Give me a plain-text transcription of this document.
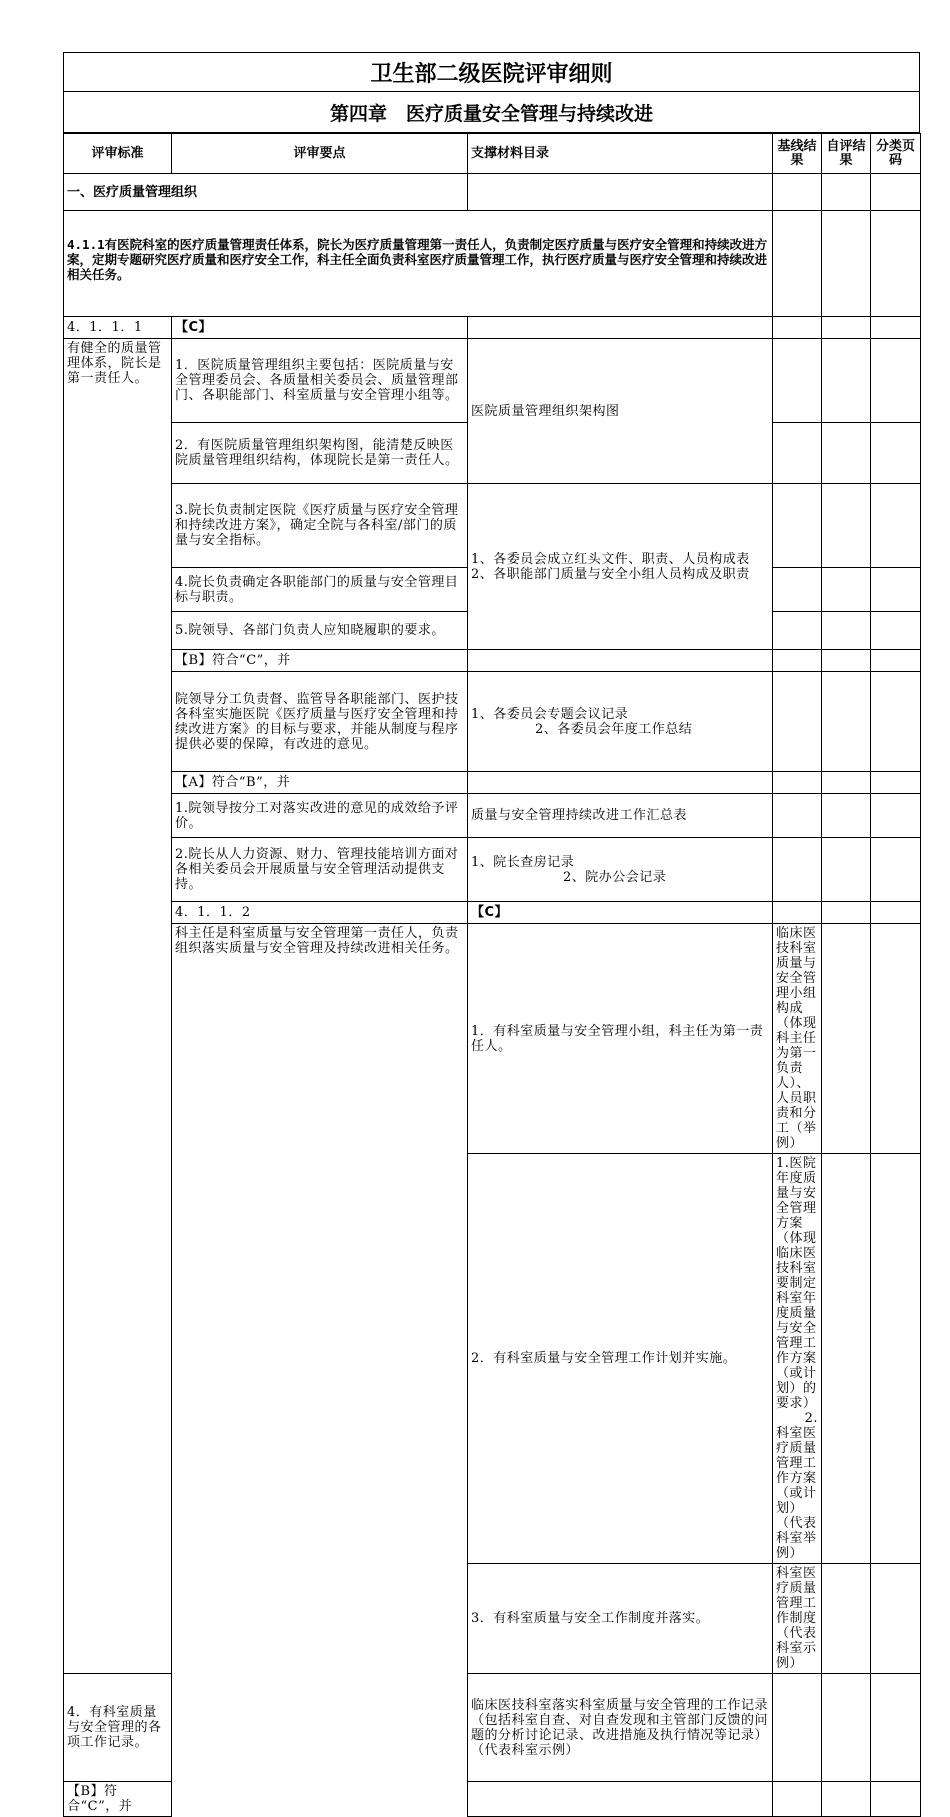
卫生部二级医院评审细则
第四章　医疗质量安全管理与持续改进
评审标准	评审要点	支撑材料目录	基线结果	自评结果	分类页码	
一、医疗质量管理组织						
4.1.1有医院科室的医疗质量管理责任体系，院长为医疗质量管理第一责任人，负责制定医疗质量与医疗安全管理和持续改进方案，定期专题研究医疗质量和医疗安全工作，科主任全面负责科室医疗质量管理工作，执行医疗质量与医疗安全管理和持续改进相关任务。						
4．1．1．1	【C】					
有健全的质量管理体系，院长是第一责任人。	1．医院质量管理组织主要包括：医院质量与安全管理委员会、各质量相关委员会、质量管理部门、各职能部门、科室质量与安全管理小组等。	医院质量管理组织架构图				
	2．有医院质量管理组织架构图，能清楚反映医院质量管理组织结构，体现院长是第一责任人。					
	3.院长负责制定医院《医疗质量与医疗安全管理和持续改进方案》，确定全院与各科室/部门的质量与安全指标。	1、各委员会成立红头文件、职责、人员构成表
2、各职能部门质量与安全小组人员构成及职责				

	4.院长负责确定各职能部门的质量与安全管理目标与职责。					
	5.院领导、各部门负责人应知晓履职的要求。					
	【B】符合“C”，并					
	院领导分工负责督、监管导各职能部门、医护技各科室实施医院《医疗质量与医疗安全管理和持续改进方案》的目标与要求，并能从制度与程序提供必要的保障，有改进的意见。	1、各委员会专题会议记录
2、各委员会年度工作总结				

	【A】符合“B”，并					
	1.院领导按分工对落实改进的意见的成效给予评价。	质量与安全管理持续改进工作汇总表				
	2.院长从人力资源、财力、管理技能培训方面对各相关委员会开展质量与安全管理活动提供支持。	1、院长查房记录
2、院办公会记录				

	4．1．1．2	【C】				
	科主任是科室质量与安全管理第一责任人，负责组织落实质量与安全管理及持续改进相关任务。	1．有科室质量与安全管理小组，科主任为第一责任人。	临床医技科室质量与安全管理小组构成（体现科主任为第一负责人）、人员职责和分工（举例）			
		2．有科室质量与安全管理工作计划并实施。	1.医院年度质量与安全管理方案（体现临床医技科室要制定科室年度质量与安全管理工作方案（或计划）的要求）
2.
科室医疗质量管理工作方案（或计划）（代表科室举例）			

		3．有科室质量与安全工作制度并落实。	科室医疗质量管理工作制度（代表科室示例）			
4．有科室质量与安全管理的各项工作记录。		临床医技科室落实科室质量与安全管理的工作记录（包括科室自查、对自查发现和主管部门反馈的问题的分析讨论记录、改进措施及执行情况等记录）（代表科室示例）				
【B】符合“C”，并						
